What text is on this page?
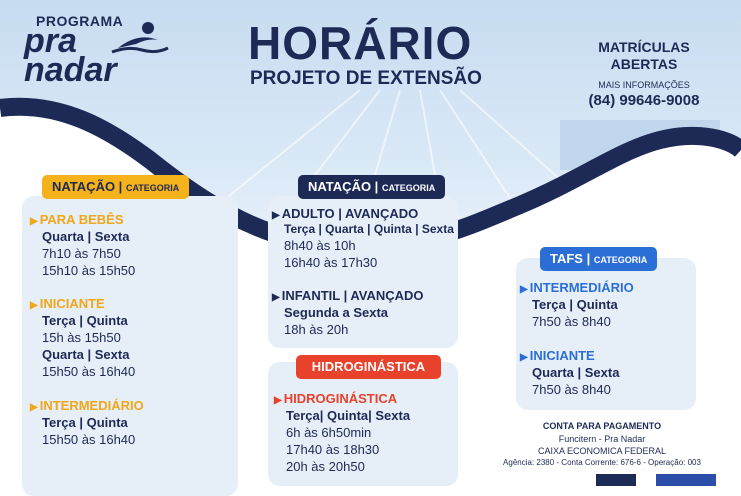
PROGRAMA
pra
nadar
HORÁRIO
PROJETO DE EXTENSÃO
MATRÍCULAS
ABERTAS
MAIS INFORMAÇÕES
(84) 99646-9008
NATAÇÃO | CATEGORIA
▶ PARA BEBÊS
Quarta | Sexta
7h10 às 7h50
15h10 às 15h50
▶ INICIANTE
Terça | Quinta
15h às 15h50
Quarta | Sexta
15h50 às 16h40
▶ INTERMEDIÁRIO
Terça | Quinta
15h50 às 16h40
NATAÇÃO | CATEGORIA
▶ ADULTO | AVANÇADO
Terça | Quarta | Quinta | Sexta
8h40 às 10h
16h40 às 17h30
▶ INFANTIL | AVANÇADO
Segunda a Sexta
18h às 20h
HIDROGINÁSTICA
▶ HIDROGINÁSTICA
Terça| Quinta| Sexta
6h às 6h50min
17h40 às 18h30
20h às 20h50
TAFS | CATEGORIA
▶ INTERMEDIÁRIO
Terça | Quinta
7h50 às 8h40
▶ INICIANTE
Quarta | Sexta
7h50 às 8h40
CONTA PARA PAGAMENTO
Funcitern - Pra Nadar
CAIXA ECONOMICA FEDERAL
Agência: 2380 - Conta Corrente: 676-6 - Operação: 003
